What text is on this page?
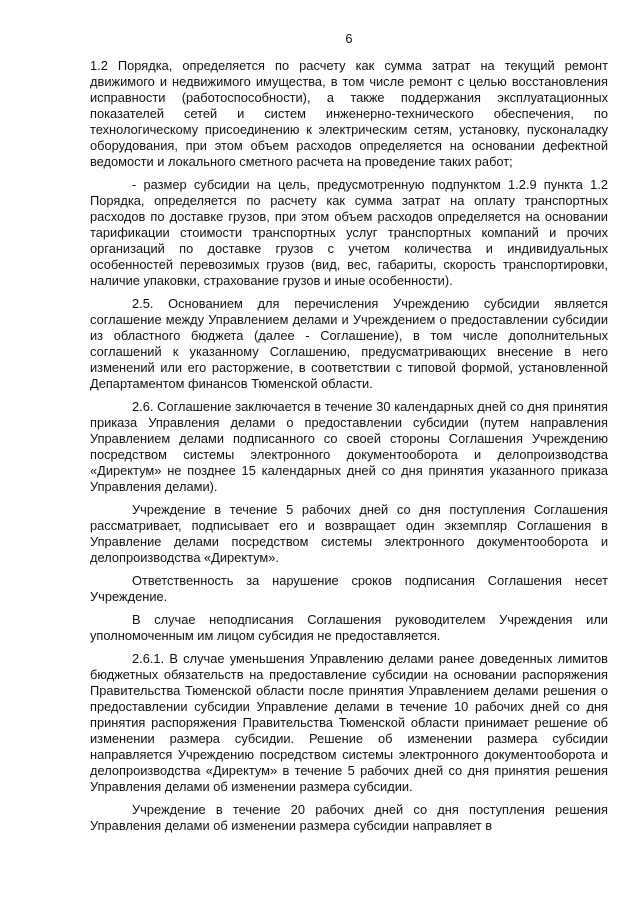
6

1.2 Порядка, определяется по расчету как сумма затрат на текущий ремонт движимого и недвижимого имущества, в том числе ремонт с целью восстановления исправности (работоспособности), а также поддержания эксплуатационных показателей сетей и систем инженерно-технического обеспечения, по технологическому присоединению к электрическим сетям, установку, пусконаладку оборудования, при этом объем расходов определяется на основании дефектной ведомости и локального сметного расчета на проведение таких работ;

- размер субсидии на цель, предусмотренную подпунктом 1.2.9 пункта 1.2 Порядка, определяется по расчету как сумма затрат на оплату транспортных расходов по доставке грузов, при этом объем расходов определяется на основании тарификации стоимости транспортных услуг транспортных компаний и прочих организаций по доставке грузов с учетом количества и индивидуальных особенностей перевозимых грузов (вид, вес, габариты, скорость транспортировки, наличие упаковки, страхование грузов и иные особенности).

2.5. Основанием для перечисления Учреждению субсидии является соглашение между Управлением делами и Учреждением о предоставлении субсидии из областного бюджета (далее - Соглашение), в том числе дополнительных соглашений к указанному Соглашению, предусматривающих внесение в него изменений или его расторжение, в соответствии с типовой формой, установленной Департаментом финансов Тюменской области.

2.6. Соглашение заключается в течение 30 календарных дней со дня принятия приказа Управления делами о предоставлении субсидии (путем направления Управлением делами подписанного со своей стороны Соглашения Учреждению посредством системы электронного документооборота и делопроизводства «Директум» не позднее 15 календарных дней со дня принятия указанного приказа Управления делами).

Учреждение в течение 5 рабочих дней со дня поступления Соглашения рассматривает, подписывает его и возвращает один экземпляр Соглашения в Управление делами посредством системы электронного документооборота и делопроизводства «Директум».

Ответственность за нарушение сроков подписания Соглашения несет Учреждение.

В случае неподписания Соглашения руководителем Учреждения или уполномоченным им лицом субсидия не предоставляется.

2.6.1. В случае уменьшения Управлению делами ранее доведенных лимитов бюджетных обязательств на предоставление субсидии на основании распоряжения Правительства Тюменской области после принятия Управлением делами решения о предоставлении субсидии Управление делами в течение 10 рабочих дней со дня принятия распоряжения Правительства Тюменской области принимает решение об изменении размера субсидии. Решение об изменении размера субсидии направляется Учреждению посредством системы электронного документооборота и делопроизводства «Директум» в течение 5 рабочих дней со дня принятия решения Управления делами об изменении размера субсидии.

Учреждение в течение 20 рабочих дней со дня поступления решения Управления делами об изменении размера субсидии направляет в
